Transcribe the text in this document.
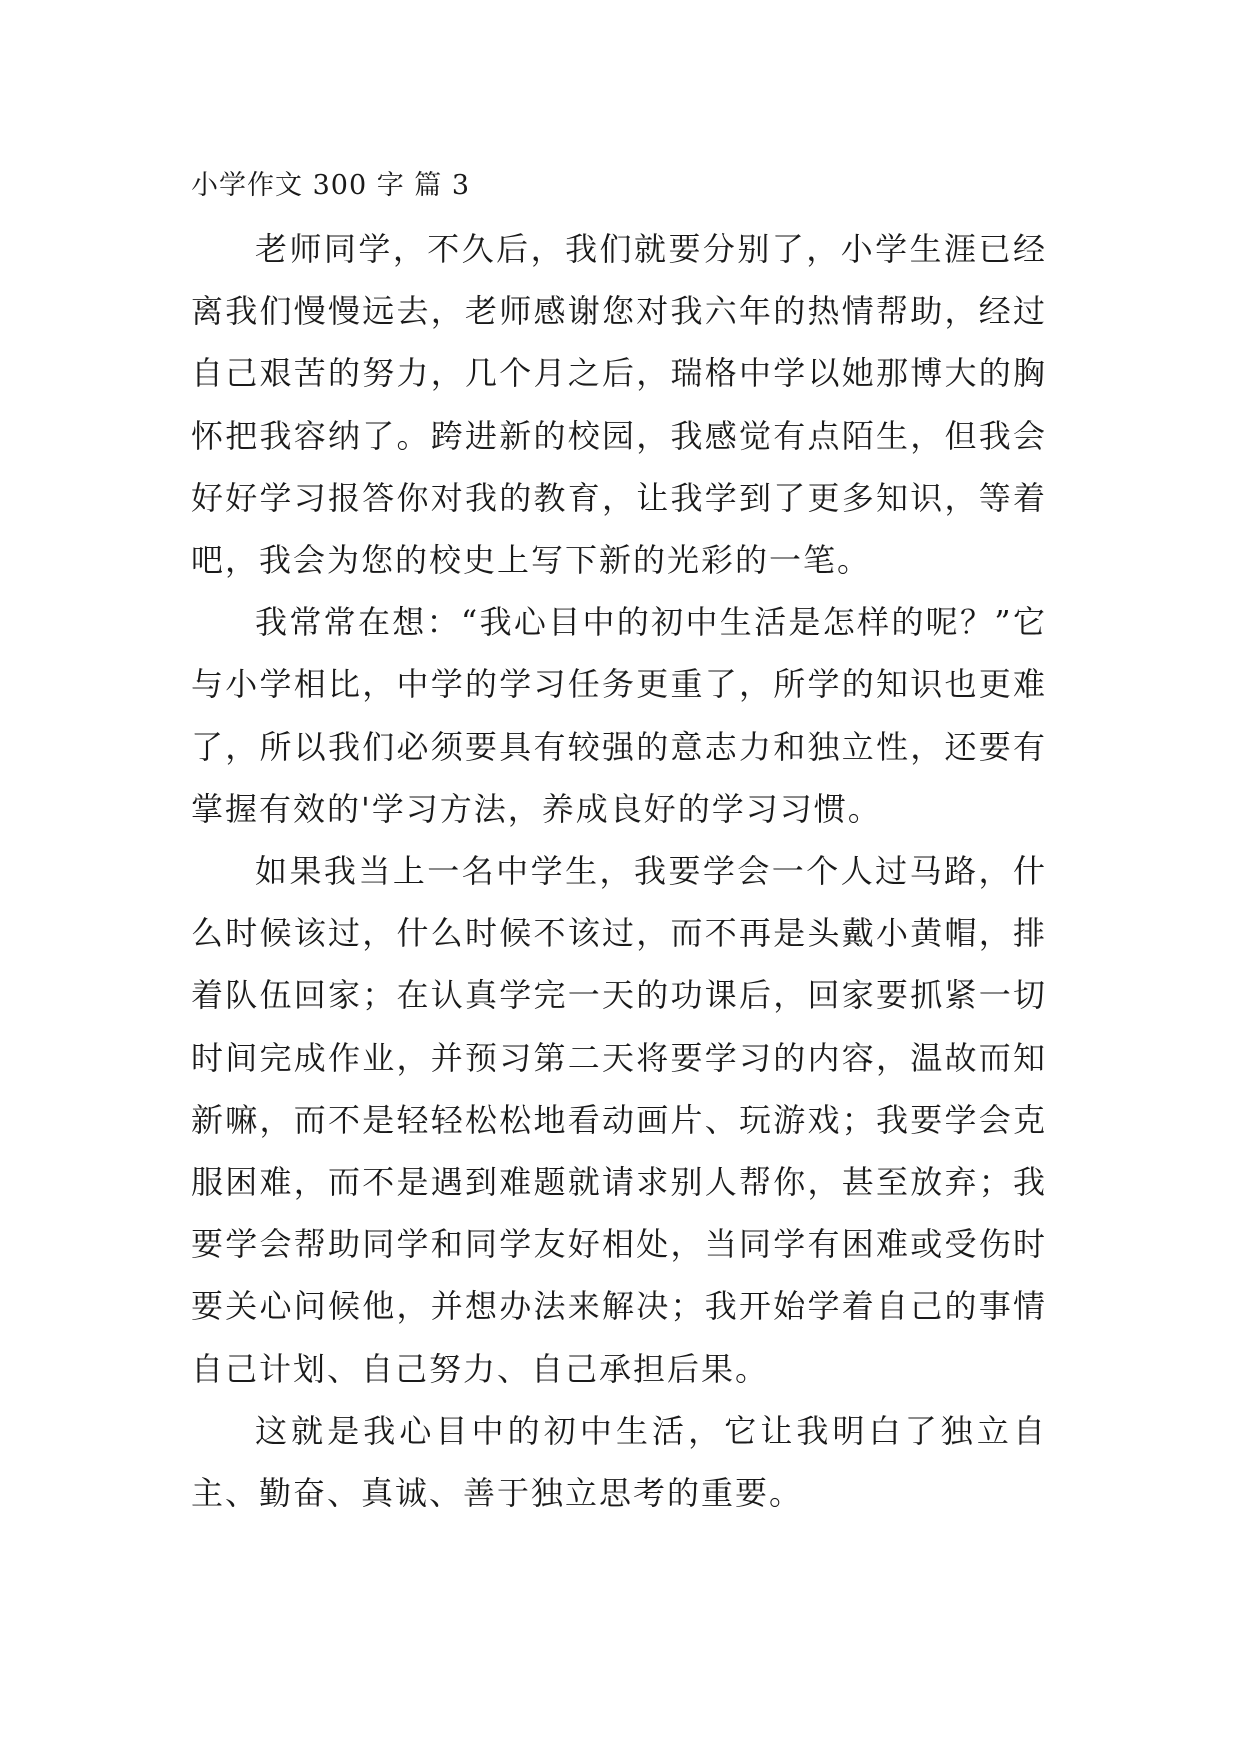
小学作文 300 字 篇 3

老师同学，不久后，我们就要分别了，小学生涯已经离我们慢慢远去，老师感谢您对我六年的热情帮助，经过自己艰苦的努力，几个月之后，瑞格中学以她那博大的胸怀把我容纳了。跨进新的校园，我感觉有点陌生，但我会好好学习报答你对我的教育，让我学到了更多知识，等着吧，我会为您的校史上写下新的光彩的一笔。

我常常在想：“我心目中的初中生活是怎样的呢？”它与小学相比，中学的学习任务更重了，所学的知识也更难了，所以我们必须要具有较强的意志力和独立性，还要有掌握有效的'学习方法，养成良好的学习习惯。

如果我当上一名中学生，我要学会一个人过马路，什么时候该过，什么时候不该过，而不再是头戴小黄帽，排着队伍回家；在认真学完一天的功课后，回家要抓紧一切时间完成作业，并预习第二天将要学习的内容，温故而知新嘛，而不是轻轻松松地看动画片、玩游戏；我要学会克服困难，而不是遇到难题就请求别人帮你，甚至放弃；我要学会帮助同学和同学友好相处，当同学有困难或受伤时要关心问候他，并想办法来解决；我开始学着自己的事情自己计划、自己努力、自己承担后果。

这就是我心目中的初中生活，它让我明白了独立自主、勤奋、真诚、善于独立思考的重要。
